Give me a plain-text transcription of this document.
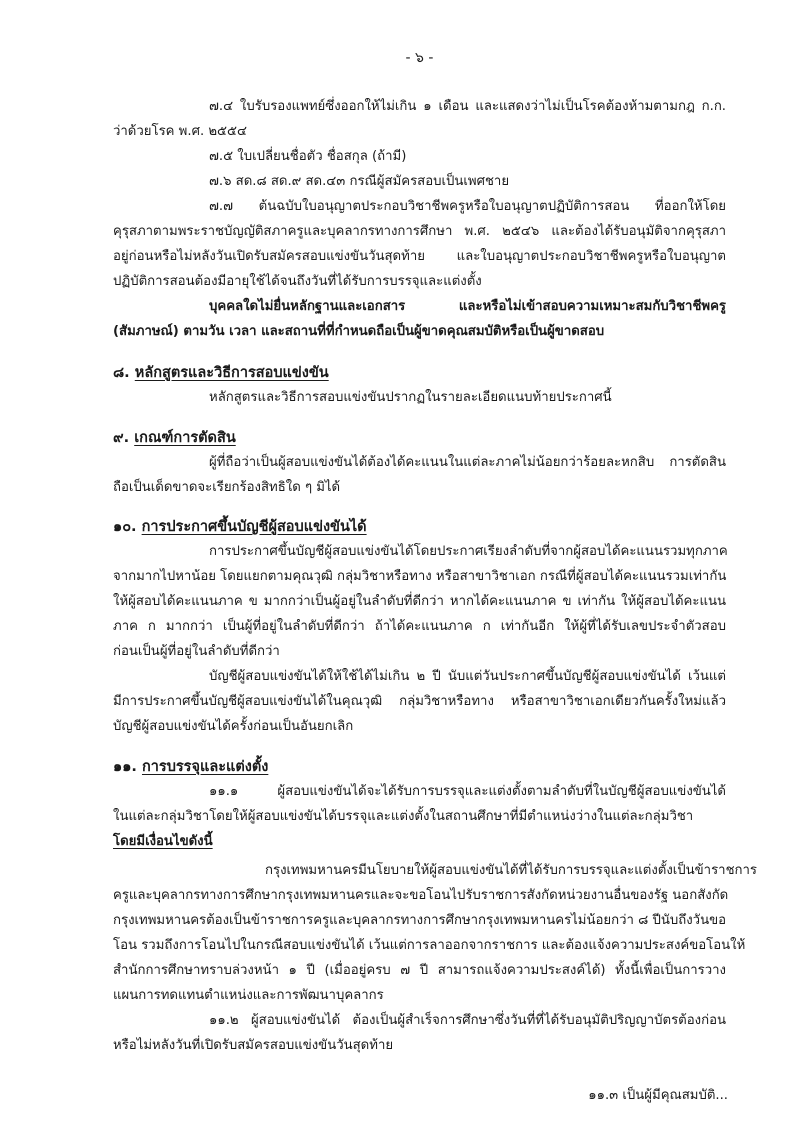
- ๖ -
๗.๔ ใบรับรองแพทย์ซึ่งออกให้ไม่เกิน ๑ เดือน และแสดงว่าไม่เป็นโรคต้องห้ามตามกฎ ก.ก.
ว่าด้วยโรค พ.ศ. ๒๕๕๔
๗.๕ ใบเปลี่ยนชื่อตัว ชื่อสกุล (ถ้ามี)
๗.๖ สด.๘ สด.๙ สด.๔๓ กรณีผู้สมัครสอบเป็นเพศชาย
๗.๗ ต้นฉบับใบอนุญาตประกอบวิชาชีพครูหรือใบอนุญาตปฏิบัติการสอน ที่ออกให้โดย
คุรุสภาตามพระราชบัญญัติสภาครูและบุคลากรทางการศึกษา พ.ศ. ๒๕๔๖ และต้องได้รับอนุมัติจากคุรุสภา
อยู่ก่อนหรือไม่หลังวันเปิดรับสมัครสอบแข่งขันวันสุดท้าย และใบอนุญาตประกอบวิชาชีพครูหรือใบอนุญาต
ปฏิบัติการสอนต้องมีอายุใช้ได้จนถึงวันที่ได้รับการบรรจุและแต่งตั้ง
บุคคลใดไม่ยื่นหลักฐานและเอกสาร และหรือไม่เข้าสอบความเหมาะสมกับวิชาชีพครู
(สัมภาษณ์) ตามวัน เวลา และสถานที่ที่กำหนดถือเป็นผู้ขาดคุณสมบัติหรือเป็นผู้ขาดสอบ
๘. หลักสูตรและวิธีการสอบแข่งขัน
หลักสูตรและวิธีการสอบแข่งขันปรากฏในรายละเอียดแนบท้ายประกาศนี้
๙. เกณฑ์การตัดสิน
ผู้ที่ถือว่าเป็นผู้สอบแข่งขันได้ต้องได้คะแนนในแต่ละภาคไม่น้อยกว่าร้อยละหกสิบ การตัดสิน
ถือเป็นเด็ดขาดจะเรียกร้องสิทธิใด ๆ มิได้
๑๐. การประกาศขึ้นบัญชีผู้สอบแข่งขันได้
การประกาศขึ้นบัญชีผู้สอบแข่งขันได้โดยประกาศเรียงลำดับที่จากผู้สอบได้คะแนนรวมทุกภาค
จากมากไปหาน้อย โดยแยกตามคุณวุฒิ กลุ่มวิชาหรือทาง หรือสาขาวิชาเอก กรณีที่ผู้สอบได้คะแนนรวมเท่ากัน
ให้ผู้สอบได้คะแนนภาค ข มากกว่าเป็นผู้อยู่ในลำดับที่ดีกว่า หากได้คะแนนภาค ข เท่ากัน ให้ผู้สอบได้คะแนน
ภาค ก มากกว่า เป็นผู้ที่อยู่ในลำดับที่ดีกว่า ถ้าได้คะแนนภาค ก เท่ากันอีก ให้ผู้ที่ได้รับเลขประจำตัวสอบ
ก่อนเป็นผู้ที่อยู่ในลำดับที่ดีกว่า
บัญชีผู้สอบแข่งขันได้ให้ใช้ได้ไม่เกิน ๒ ปี นับแต่วันประกาศขึ้นบัญชีผู้สอบแข่งขันได้ เว้นแต่
มีการประกาศขึ้นบัญชีผู้สอบแข่งขันได้ในคุณวุฒิ กลุ่มวิชาหรือทาง หรือสาขาวิชาเอกเดียวกันครั้งใหม่แล้ว
บัญชีผู้สอบแข่งขันได้ครั้งก่อนเป็นอันยกเลิก
๑๑. การบรรจุและแต่งตั้ง
๑๑.๑ ผู้สอบแข่งขันได้จะได้รับการบรรจุและแต่งตั้งตามลำดับที่ในบัญชีผู้สอบแข่งขันได้
ในแต่ละกลุ่มวิชาโดยให้ผู้สอบแข่งขันได้บรรจุและแต่งตั้งในสถานศึกษาที่มีตำแหน่งว่างในแต่ละกลุ่มวิชา
โดยมีเงื่อนไขดังนี้
กรุงเทพมหานครมีนโยบายให้ผู้สอบแข่งขันได้ที่ได้รับการบรรจุและแต่งตั้งเป็นข้าราชการ
ครูและบุคลากรทางการศึกษากรุงเทพมหานครและจะขอโอนไปรับราชการสังกัดหน่วยงานอื่นของรัฐ นอกสังกัด
กรุงเทพมหานครต้องเป็นข้าราชการครูและบุคลากรทางการศึกษากรุงเทพมหานครไม่น้อยกว่า ๘ ปีนับถึงวันขอ
โอน รวมถึงการโอนไปในกรณีสอบแข่งขันได้ เว้นแต่การลาออกจากราชการ และต้องแจ้งความประสงค์ขอโอนให้
สำนักการศึกษาทราบล่วงหน้า ๑ ปี (เมื่ออยู่ครบ ๗ ปี สามารถแจ้งความประสงค์ได้) ทั้งนี้เพื่อเป็นการวาง
แผนการทดแทนตำแหน่งและการพัฒนาบุคลากร
๑๑.๒ ผู้สอบแข่งขันได้ ต้องเป็นผู้สำเร็จการศึกษาซึ่งวันที่ที่ได้รับอนุมัติปริญญาบัตรต้องก่อน
หรือไม่หลังวันที่เปิดรับสมัครสอบแข่งขันวันสุดท้าย
๑๑.๓ เป็นผู้มีคุณสมบัติ...
